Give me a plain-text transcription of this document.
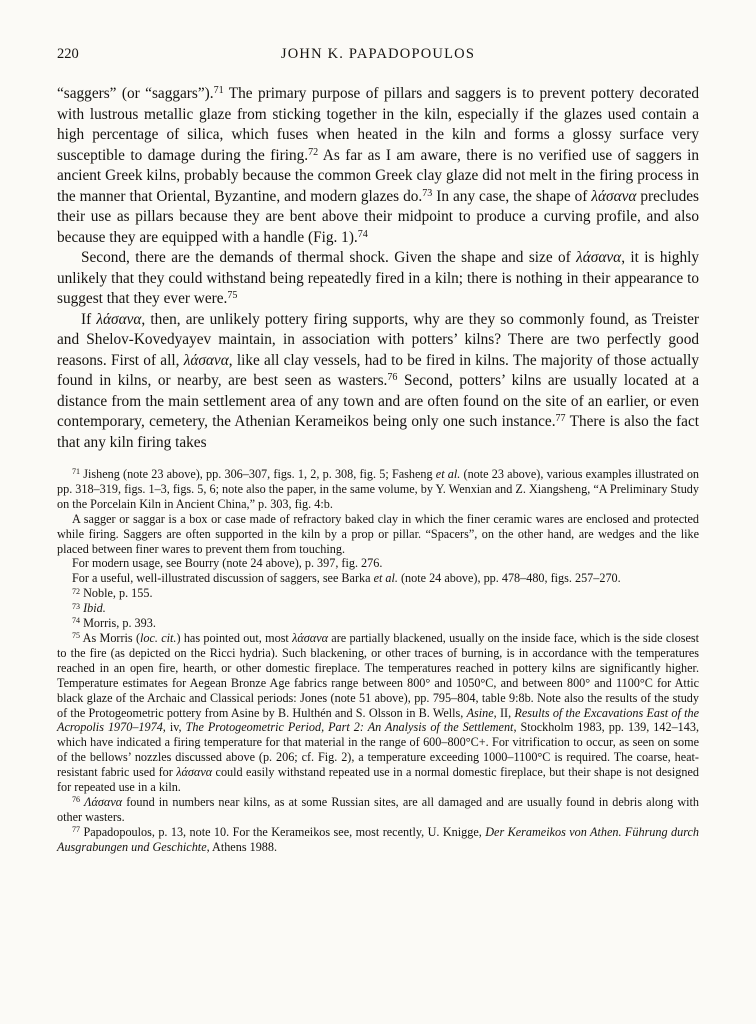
220	JOHN K. PAPADOPOULOS

“saggers” (or “saggars”).$^{71}$ The primary purpose of pillars and saggers is to prevent pottery decorated with lustrous metallic glaze from sticking together in the kiln, especially if the glazes used contain a high percentage of silica, which fuses when heated in the kiln and forms a glossy surface very susceptible to damage during the firing.$^{72}$ As far as I am aware, there is no verified use of saggers in ancient Greek kilns, probably because the common Greek clay glaze did not melt in the firing process in the manner that Oriental, Byzantine, and modern glazes do.$^{73}$ In any case, the shape of λάσανα precludes their use as pillars because they are bent above their midpoint to produce a curving profile, and also because they are equipped with a handle (Fig. 1).$^{74}$

Second, there are the demands of thermal shock. Given the shape and size of λάσανα, it is highly unlikely that they could withstand being repeatedly fired in a kiln; there is nothing in their appearance to suggest that they ever were.$^{75}$

If λάσανα, then, are unlikely pottery firing supports, why are they so commonly found, as Treister and Shelov-Kovedyayev maintain, in association with potters’ kilns? There are two perfectly good reasons. First of all, λάσανα, like all clay vessels, had to be fired in kilns. The majority of those actually found in kilns, or nearby, are best seen as wasters.$^{76}$ Second, potters’ kilns are usually located at a distance from the main settlement area of any town and are often found on the site of an earlier, or even contemporary, cemetery, the Athenian Kerameikos being only one such instance.$^{77}$ There is also the fact that any kiln firing takes

$^{71}$ Jisheng (note 23 above), pp. 306–307, figs. 1, 2, p. 308, fig. 5; Fasheng et al. (note 23 above), various examples illustrated on pp. 318–319, figs. 1–3, figs. 5, 6; note also the paper, in the same volume, by Y. Wenxian and Z. Xiangsheng, “A Preliminary Study on the Porcelain Kiln in Ancient China,” p. 303, fig. 4:b.

A sagger or saggar is a box or case made of refractory baked clay in which the finer ceramic wares are enclosed and protected while firing. Saggers are often supported in the kiln by a prop or pillar. “Spacers”, on the other hand, are wedges and the like placed between finer wares to prevent them from touching.

For modern usage, see Bourry (note 24 above), p. 397, fig. 276.

For a useful, well-illustrated discussion of saggers, see Barka et al. (note 24 above), pp. 478–480, figs. 257–270.

$^{72}$ Noble, p. 155.

$^{73}$ Ibid.

$^{74}$ Morris, p. 393.

$^{75}$ As Morris (loc. cit.) has pointed out, most λάσανα are partially blackened, usually on the inside face, which is the side closest to the fire (as depicted on the Ricci hydria). Such blackening, or other traces of burning, is in accordance with the temperatures reached in an open fire, hearth, or other domestic fireplace. The temperatures reached in pottery kilns are significantly higher. Temperature estimates for Aegean Bronze Age fabrics range between 800° and 1050°C, and between 800° and 1100°C for Attic black glaze of the Archaic and Classical periods: Jones (note 51 above), pp. 795–804, table 9:8b. Note also the results of the study of the Protogeometric pottery from Asine by B. Hulthén and S. Olsson in B. Wells, Asine, II, Results of the Excavations East of the Acropolis 1970–1974, iv, The Protogeometric Period, Part 2: An Analysis of the Settlement, Stockholm 1983, pp. 139, 142–143, which have indicated a firing temperature for that material in the range of 600–800°C+. For vitrification to occur, as seen on some of the bellows’ nozzles discussed above (p. 206; cf. Fig. 2), a temperature exceeding 1000–1100°C is required. The coarse, heat-resistant fabric used for λάσανα could easily withstand repeated use in a normal domestic fireplace, but their shape is not designed for repeated use in a kiln.

$^{76}$ Λάσανα found in numbers near kilns, as at some Russian sites, are all damaged and are usually found in debris along with other wasters.

$^{77}$ Papadopoulos, p. 13, note 10. For the Kerameikos see, most recently, U. Knigge, Der Kerameikos von Athen. Führung durch Ausgrabungen und Geschichte, Athens 1988.
